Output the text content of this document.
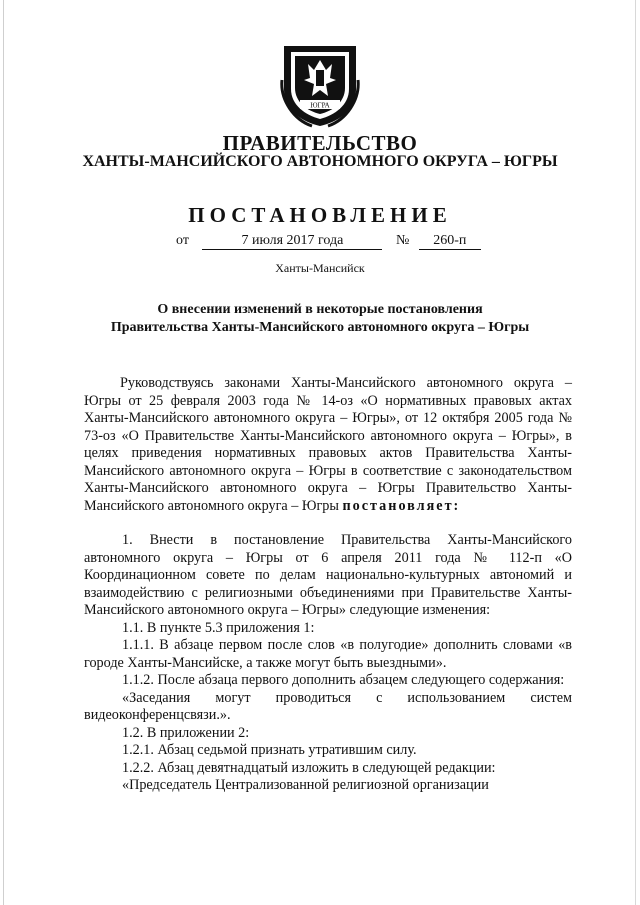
ЮГРА
ПРАВИТЕЛЬСТВО
ХАНТЫ-МАНСИЙСКОГО АВТОНОМНОГО ОКРУГА – ЮГРЫ
ПОСТАНОВЛЕНИЕ
от	7 июля 2017 года	№ 260-п
Ханты-Мансийск
О внесении изменений в некоторые постановления
Правительства Ханты-Мансийского автономного округа – Югры

Руководствуясь законами Ханты-Мансийского автономного округа – Югры от 25 февраля 2003 года № 14-оз «О нормативных правовых актах Ханты-Мансийского автономного округа – Югры», от 12 октября 2005 года № 73-оз «О Правительстве Ханты-Мансийского автономного округа – Югры», в целях приведения нормативных правовых актов Правительства Ханты-Мансийского автономного округа – Югры в соответствие с законодательством Ханты-Мансийского автономного округа – Югры Правительство Ханты-Мансийского автономного округа – Югры постановляет:

1. Внести в постановление Правительства Ханты-Мансийского автономного округа – Югры от 6 апреля 2011 года № 112-п «О Координационном совете по делам национально-культурных автономий и взаимодействию с религиозными объединениями при Правительстве Ханты-Мансийского автономного округа – Югры» следующие изменения:

1.1. В пункте 5.3 приложения 1:

1.1.1. В абзаце первом после слов «в полугодие» дополнить словами «в городе Ханты-Мансийске, а также могут быть выездными».

1.1.2. После абзаца первого дополнить абзацем следующего содержания:

«Заседания могут проводиться с использованием систем видеоконференцсвязи.».

1.2. В приложении 2:

1.2.1. Абзац седьмой признать утратившим силу.

1.2.2. Абзац девятнадцатый изложить в следующей редакции:

«Председатель Централизованной религиозной организации
